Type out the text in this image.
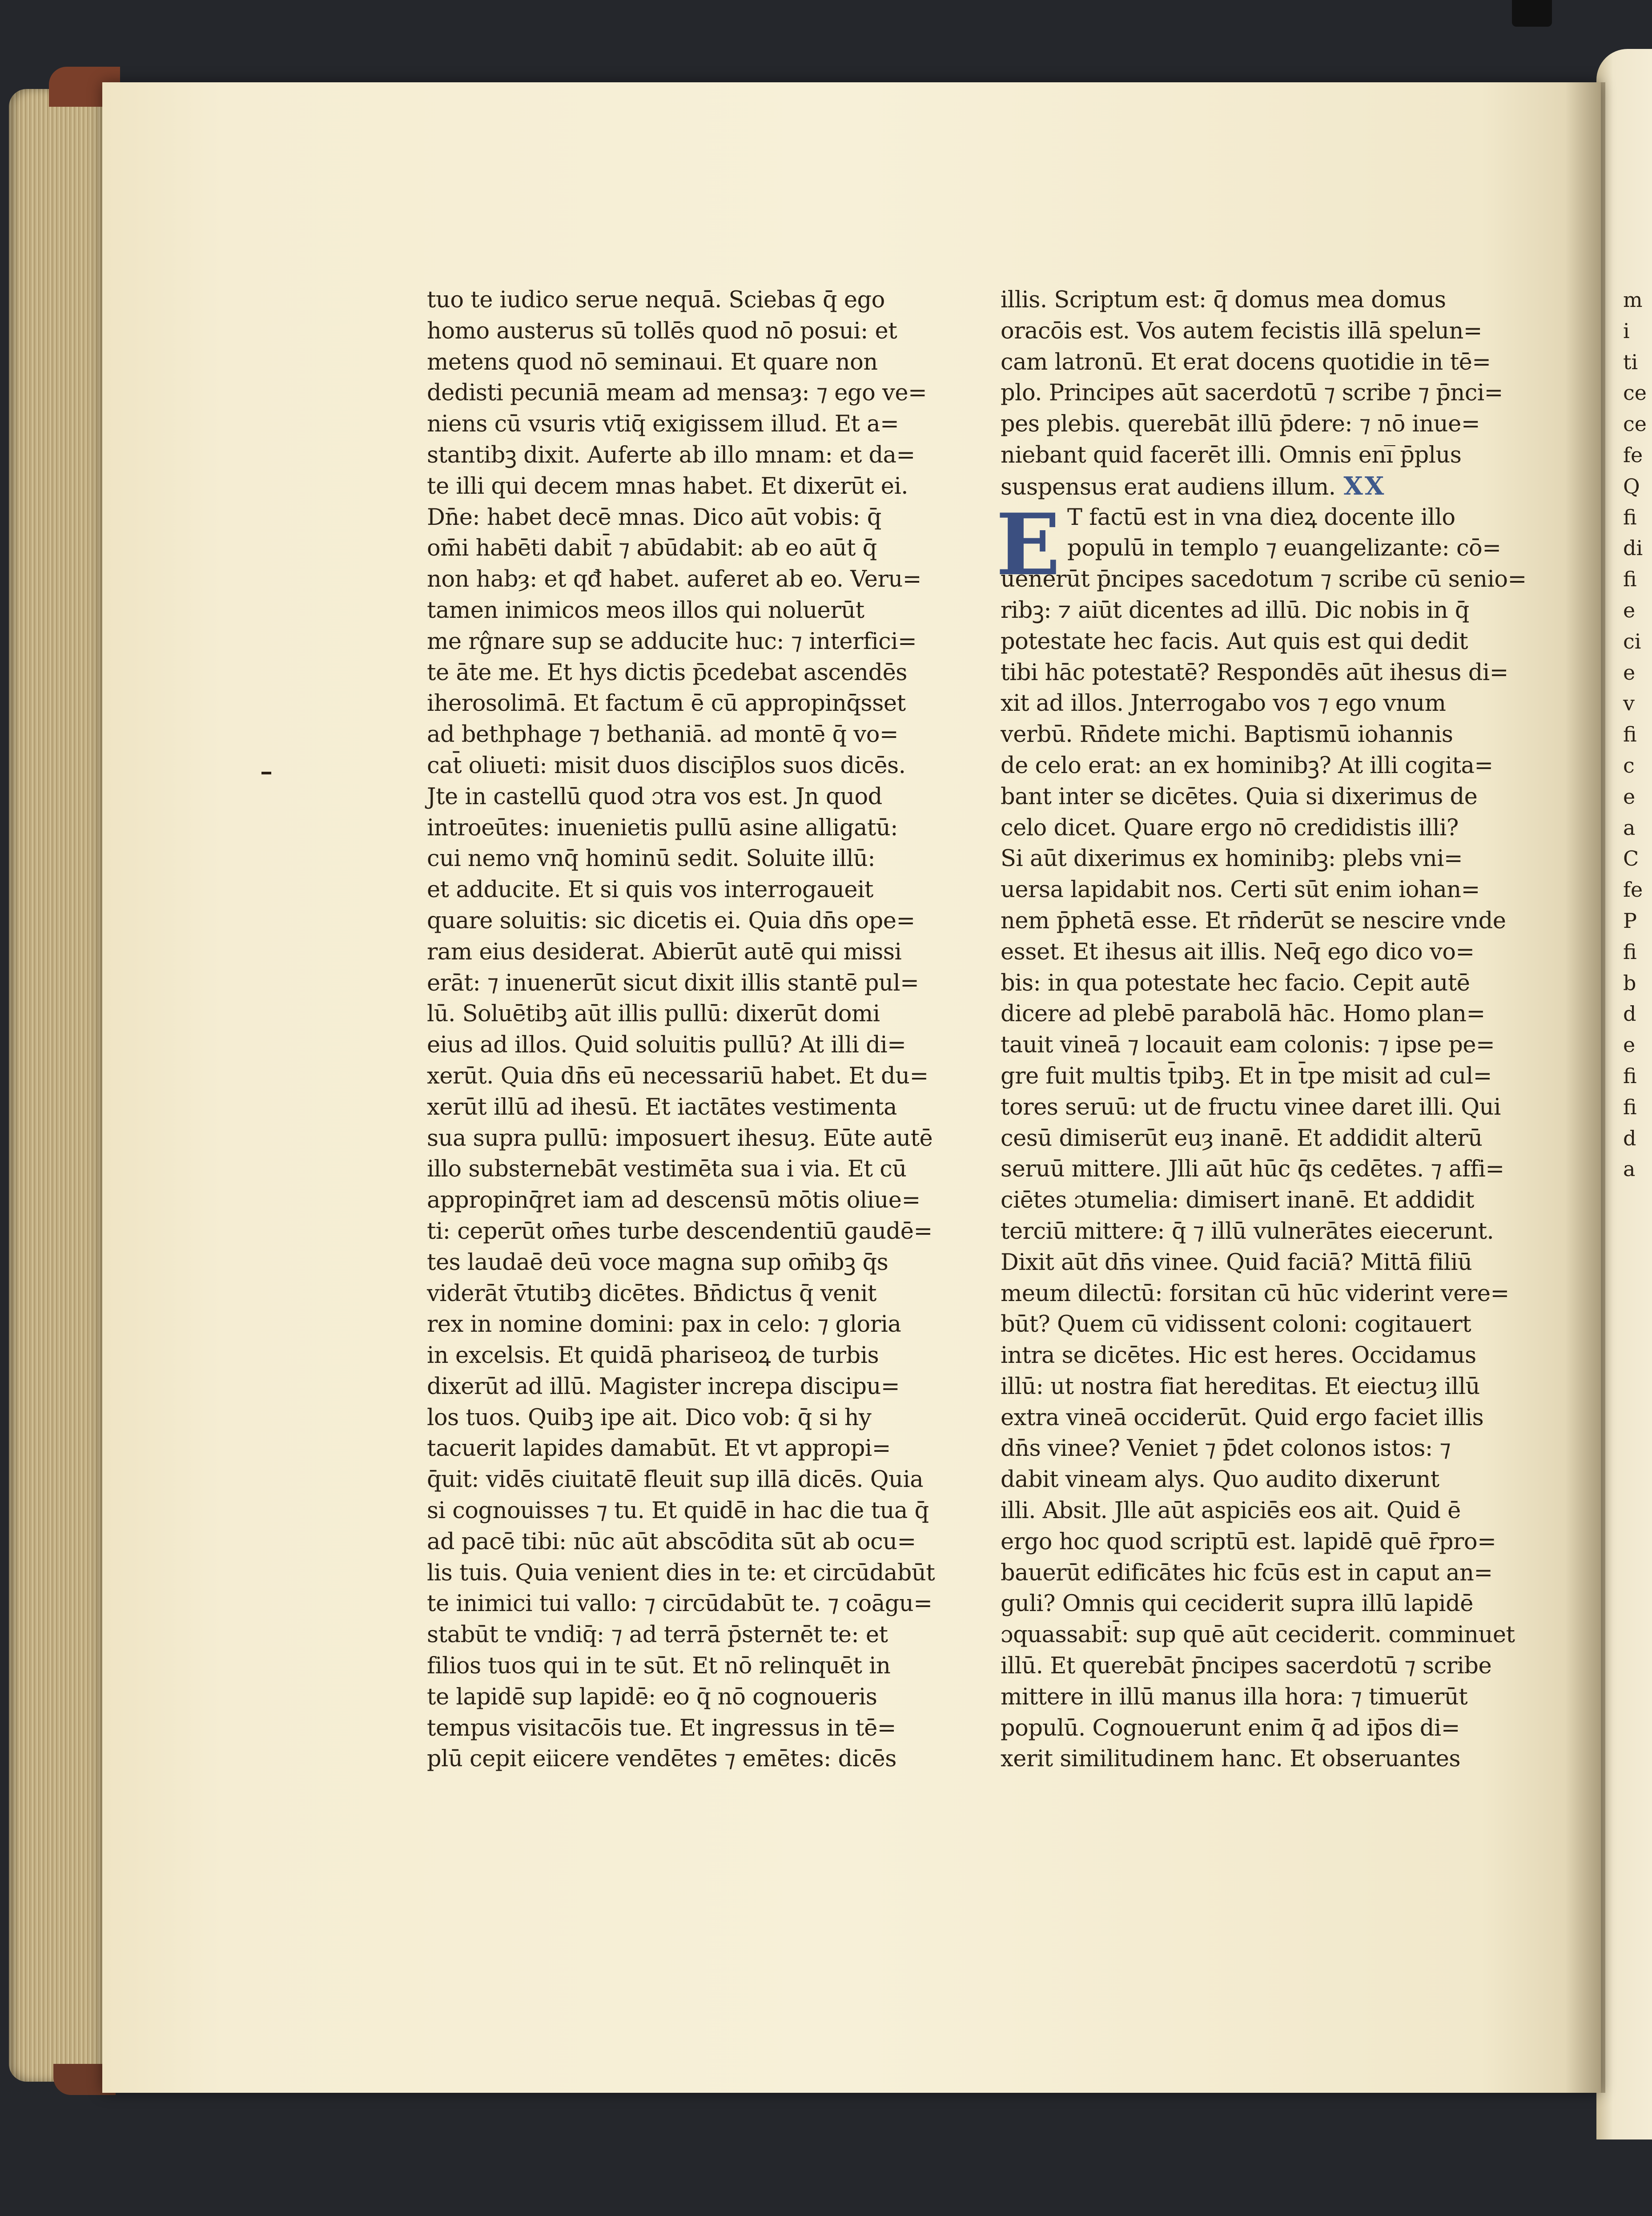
tuo te iudico serue nequā. Sciebas q̄ ego
homo austerus sū tollēs quod nō posui: et
metens quod nō seminaui. Et quare non
dedisti pecuniā meam ad mensaȝ: ⁊ ego ve=
niens cū vsuris vtiq̄ exigissem illud. Et a=
stantibꝫ dixit. Auferte ab illo mnam: et da=
te illi qui decem mnas habet. Et dixerūt ei.
Dn̄e: habet decē mnas. Dico aūt vobis: q̄
om̄i habēti dabit̄ ⁊ abūdabit: ab eo aūt q̄
non habȝ: et qđ habet. auferet ab eo. Veru=
tamen inimicos meos illos qui noluerūt
me rĝnare sup se adducite huc: ⁊ interfici=
te āte me. Et hys dictis p̄cedebat ascendēs
iherosolimā. Et factum ē cū appropinq̄sset
ad bethphage ⁊ bethaniā. ad montē q̄ vo=
cat̄ oliueti: misit duos discip̄los suos dicēs.
Jte in castellū quod ɔtra vos est. Jn quod
introeūtes: inuenietis pullū asine alligatū:
cui nemo vnq̄ hominū sedit. Soluite illū:
et adducite. Et si quis vos interrogaueit
quare soluitis: sic dicetis ei. Quia dn̄s ope=
ram eius desiderat. Abierūt autē qui missi
erāt: ⁊ inuenerūt sicut dixit illis stantē pul=
lū. Soluētibꝫ aūt illis pullū: dixerūt domi
eius ad illos. Quid soluitis pullū? At illi di=
xerūt. Quia dn̄s eū necessariū habet. Et du=
xerūt illū ad ihesū. Et iactātes vestimenta
sua supra pullū: imposuert ihesuȝ. Eūte autē
illo substernebāt vestimēta sua i via. Et cū
appropinq̄ret iam ad descensū mōtis oliue=
ti: ceperūt om̄es turbe descendentiū gaudē=
tes laudaē deū voce magna sup om̄ibꝫ q̄s
viderāt v̄tutibꝫ dicētes. Bn̄dictus q̄ venit
rex in nomine domini: pax in celo: ⁊ gloria
in excelsis. Et quidā phariseoꝝ de turbis
dixerūt ad illū. Magister increpa discipu=
los tuos. Quibꝫ ipe ait. Dico vob: q̄ si hy
tacuerit lapides damabūt. Et vt appropi=
q̄uit: vidēs ciuitatē fleuit sup illā dicēs. Quia
si cognouisses ⁊ tu. Et quidē in hac die tua q̄
ad pacē tibi: nūc aūt abscōdita sūt ab ocu=
lis tuis. Quia venient dies in te: et circūdabūt
te inimici tui vallo: ⁊ circūdabūt te. ⁊ coāgu=
stabūt te vndiq̄: ⁊ ad terrā p̄sternēt te: et
filios tuos qui in te sūt. Et nō relinquēt in
te lapidē sup lapidē: eo q̄ nō cognoueris
tempus visitacōis tue. Et ingressus in tē=
plū cepit eiicere vendētes ⁊ emētes: dicēs
illis. Scriptum est: q̄ domus mea domus
oracōis est. Vos autem fecistis illā spelun=
cam latronū. Et erat docens quotidie in tē=
plo. Principes aūt sacerdotū ⁊ scribe ⁊ p̄nci=
pes plebis. querebāt illū p̄dere: ⁊ nō inue=
niebant quid facerēt illi. Omnis eni̅ p̄plus
suspensus erat audiens illum. XX
T factū est in vna dieꝝ docente illo
populū in templo ⁊ euangelizante: cō=
uenerūt p̄ncipes sacedotum ⁊ scribe cū senio=
ribꝫ: ⁊ aiūt dicentes ad illū. Dic nobis in q̄
potestate hec facis. Aut quis est qui dedit
tibi hāc potestatē? Respondēs aūt ihesus di=
xit ad illos. Jnterrogabo vos ⁊ ego vnum
verbū. Rn̄dete michi. Baptismū iohannis
de celo erat: an ex hominibꝫ? At illi cogita=
bant inter se dicētes. Quia si dixerimus de
celo dicet. Quare ergo nō credidistis illi?
Si aūt dixerimus ex hominibꝫ: plebs vni=
uersa lapidabit nos. Certi sūt enim iohan=
nem p̄phetā esse. Et rn̄derūt se nescire vnde
esset. Et ihesus ait illis. Neq̄ ego dico vo=
bis: in qua potestate hec facio. Cepit autē
dicere ad plebē parabolā hāc. Homo plan=
tauit vineā ⁊ locauit eam colonis: ⁊ ipse pe=
gre fuit multis t̄pibꝫ. Et in t̄pe misit ad cul=
tores seruū: ut de fructu vinee daret illi. Qui
cesū dimiserūt euȝ inanē. Et addidit alterū
seruū mittere. Jlli aūt hūc q̄s cedētes. ⁊ affi=
ciētes ɔtumelia: dimisert inanē. Et addidit
terciū mittere: q̄ ⁊ illū vulnerātes eiecerunt.
Dixit aūt dn̄s vinee. Quid faciā? Mittā filiū
meum dilectū: forsitan cū hūc viderint vere=
būt? Quem cū vidissent coloni: cogitauert
intra se dicētes. Hic est heres. Occidamus
illū: ut nostra fiat hereditas. Et eiectuȝ illū
extra vineā occiderūt. Quid ergo faciet illis
dn̄s vinee? Veniet ⁊ p̄det colonos istos: ⁊
dabit vineam alys. Quo audito dixerunt
illi. Absit. Jlle aūt aspiciēs eos ait. Quid ē
ergo hoc quod scriptū est. lapidē quē r̄pro=
bauerūt edificātes hic fcūs est in caput an=
guli? Omnis qui ceciderit supra illū lapidē
ɔquassabit̄: sup quē aūt ceciderit. comminuet
illū. Et querebāt p̄ncipes sacerdotū ⁊ scribe
mittere in illū manus illa hora: ⁊ timuerūt
populū. Cognouerunt enim q̄ ad ip̄os di=
xerit similitudinem hanc. Et obseruantes
E
m
i
ti
ce
ce
fe
Q
fi
di
fi
e
ci
e
v
fi
c
e
a
C
fe
P
fi
b
d
e
fi
fi
d
a
